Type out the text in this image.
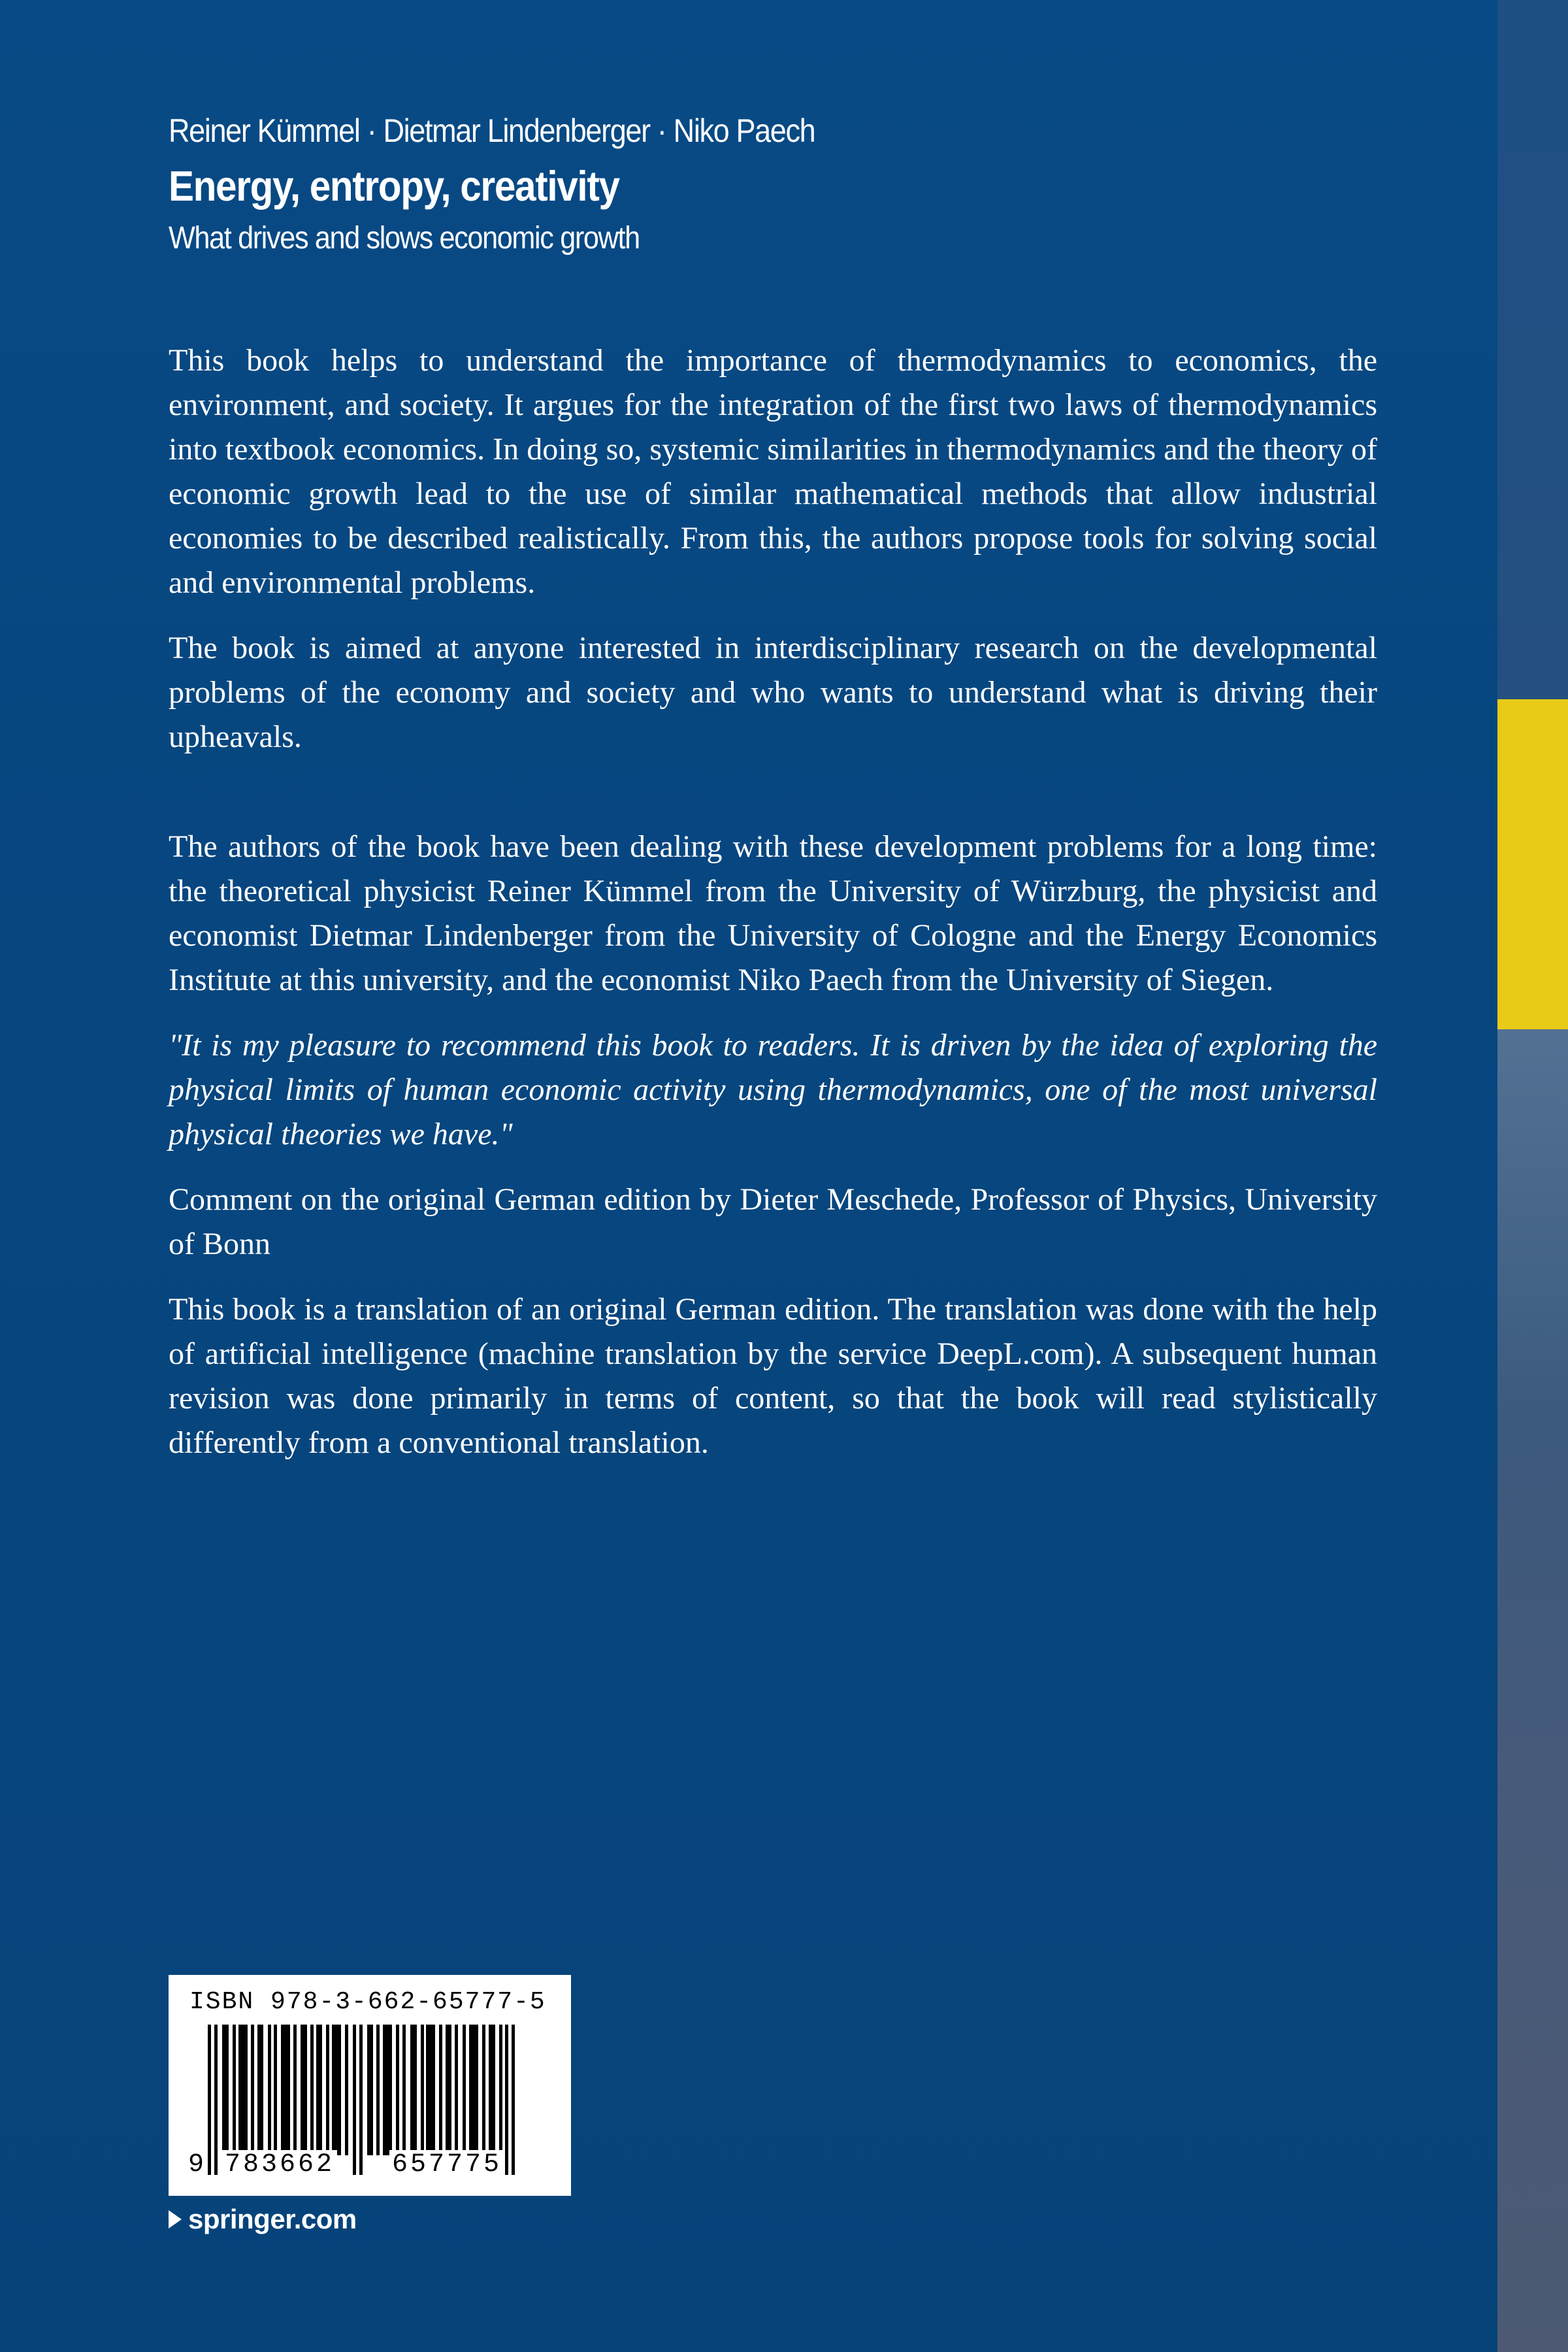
Reiner Kümmel · Dietmar Lindenberger · Niko Paech
Energy, entropy, creativity
What drives and slows economic growth

This book helps to understand the importance of thermodynamics to economics, the environment, and society. It argues for the integration of the first two laws of thermodynamics into textbook economics. In doing so, systemic similarities in thermodynamics and the theory of economic growth lead to the use of similar mathematical methods that allow industrial economies to be described realistically. From this, the authors propose tools for solving social and environmental problems.

The book is aimed at anyone interested in interdisciplinary research on the developmental problems of the economy and society and who wants to understand what is driving their upheavals.

The authors of the book have been dealing with these development problems for a long time: the theoretical physicist Reiner Kümmel from the University of Würzburg, the physicist and economist Dietmar Lindenberger from the University of Cologne and the Energy Economics Institute at this university, and the economist Niko Paech from the University of Siegen.

"It is my pleasure to recommend this book to readers. It is driven by the idea of exploring the physical limits of human economic activity using thermodynamics, one of the most universal physical theories we have."

Comment on the original German edition by Dieter Meschede, Professor of Physics, University of Bonn

This book is a translation of an original German edition. The translation was done with the help of artificial intelligence (machine translation by the service DeepL.com). A subsequent human revision was done primarily in terms of content, so that the book will read stylistically differently from a conventional translation.

ISBN 978-3-662-65777-5
9 783662 657775
springer.com
